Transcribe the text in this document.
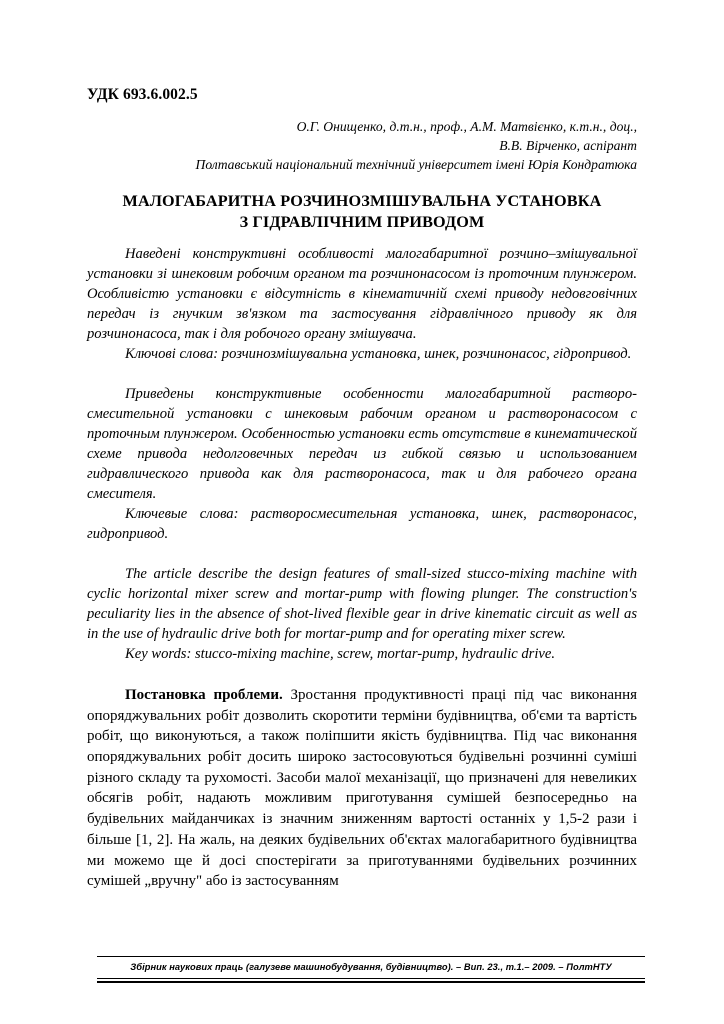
УДК 693.6.002.5
О.Г. Онищенко, д.т.н., проф., А.М. Матвієнко, к.т.н., доц.,
В.В. Вірченко, аспірант
Полтавський національний технічний університет імені Юрія Кондратюка
МАЛОГАБАРИТНА РОЗЧИНОЗМІШУВАЛЬНА УСТАНОВКА
З ГІДРАВЛІЧНИМ ПРИВОДОМ

Наведені конструктивні особливості малогабаритної розчино–змішувальної установки зі шнековим робочим органом та розчинонасосом із проточним плунжером. Особливістю установки є відсутність в кінематичній схемі приводу недовговічних передач із гнучким зв'язком та застосування гідравлічного приводу як для розчинонасоса, так і для робочого органу змішувача.

Ключові слова: розчинозмішувальна установка, шнек, розчинонасос, гідропривод.

Приведены конструктивные особенности малогабаритной растворо-смесительной установки с шнековым рабочим органом и растворонасосом с проточным плунжером. Особенностью установки есть отсутствие в кинематической схеме привода недолговечных передач из гибкой связью и использованием гидравлического привода как для растворонасоса, так и для рабочего органа смесителя.

Ключевые слова: растворосмесительная установка, шнек, растворонасос, гидропривод.

The article describe the design features of small-sized stucco-mixing machine with cyclic horizontal mixer screw and mortar-pump with flowing plunger. The construction's peculiarity lies in the absence of shot-lived flexible gear in drive kinematic circuit as well as in the use of hydraulic drive both for mortar-pump and for operating mixer screw.

Key words: stucco-mixing machine, screw, mortar-pump, hydraulic drive.

Постановка проблеми. Зростання продуктивності праці під час виконання опоряджувальних робіт дозволить скоротити терміни будівництва, об'єми та вартість робіт, що виконуються, а також поліпшити якість будівництва. Під час виконання опоряджувальних робіт досить широко застосовуються будівельні розчинні суміші різного складу та рухомості. Засоби малої механізації, що призначені для невеликих обсягів робіт, надають можливим приготування сумішей безпосередньо на будівельних майданчиках із значним зниженням вартості останніх у 1,5-2 рази і більше [1, 2]. На жаль, на деяких будівельних об'єктах малогабаритного будівництва ми можемо ще й досі спостерігати за приготуваннями будівельних розчинних сумішей „вручну" або із застосуванням

Збірник наукових праць (галузеве машинобудування, будівництво). – Вип. 23., т.1.– 2009. – ПолтНТУ
